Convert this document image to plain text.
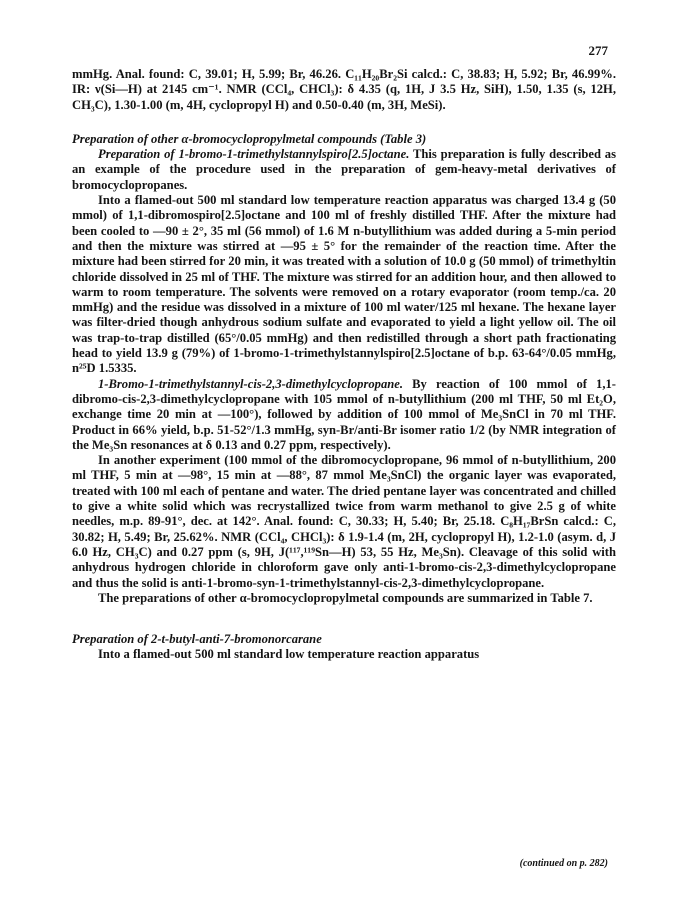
277

mmHg. Anal. found: C, 39.01; H, 5.99; Br, 46.26. C₁₁H₂₀Br₂Si calcd.: C, 38.83; H, 5.92; Br, 46.99%. IR: ν(Si—H) at 2145 cm⁻¹. NMR (CCl₄, CHCl₃): δ 4.35 (q, 1H, J 3.5 Hz, SiH), 1.50, 1.35 (s, 12H, CH₃C), 1.30-1.00 (m, 4H, cyclopropyl H) and 0.50-0.40 (m, 3H, MeSi).

Preparation of other α-bromocyclopropylmetal compounds (Table 3)

Preparation of 1-bromo-1-trimethylstannylspiro[2.5]octane. This preparation is fully described as an example of the procedure used in the preparation of gem-heavy-metal derivatives of bromocyclopropanes.

Into a flamed-out 500 ml standard low temperature reaction apparatus was charged 13.4 g (50 mmol) of 1,1-dibromospiro[2.5]octane and 100 ml of freshly distilled THF. After the mixture had been cooled to —90 ± 2°, 35 ml (56 mmol) of 1.6 M n-butyllithium was added during a 5-min period and then the mixture was stirred at —95 ± 5° for the remainder of the reaction time. After the mixture had been stirred for 20 min, it was treated with a solution of 10.0 g (50 mmol) of trimethyltin chloride dissolved in 25 ml of THF. The mixture was stirred for an addition hour, and then allowed to warm to room temperature. The solvents were removed on a rotary evaporator (room temp./ca. 20 mmHg) and the residue was dissolved in a mixture of 100 ml water/125 ml hexane. The hexane layer was filter-dried though anhydrous sodium sulfate and evaporated to yield a light yellow oil. The oil was trap-to-trap distilled (65°/0.05 mmHg) and then redistilled through a short path fractionating head to yield 13.9 g (79%) of 1-bromo-1-trimethylstannylspiro[2.5]octane of b.p. 63-64°/0.05 mmHg, n²⁵D 1.5335.

1-Bromo-1-trimethylstannyl-cis-2,3-dimethylcyclopropane. By reaction of 100 mmol of 1,1-dibromo-cis-2,3-dimethylcyclopropane with 105 mmol of n-butyllithium (200 ml THF, 50 ml Et₂O, exchange time 20 min at —100°), followed by addition of 100 mmol of Me₃SnCl in 70 ml THF. Product in 66% yield, b.p. 51-52°/1.3 mmHg, syn-Br/anti-Br isomer ratio 1/2 (by NMR integration of the Me₃Sn resonances at δ 0.13 and 0.27 ppm, respectively).

In another experiment (100 mmol of the dibromocyclopropane, 96 mmol of n-butyllithium, 200 ml THF, 5 min at —98°, 15 min at —88°, 87 mmol Me₃SnCl) the organic layer was evaporated, treated with 100 ml each of pentane and water. The dried pentane layer was concentrated and chilled to give a white solid which was recrystallized twice from warm methanol to give 2.5 g of white needles, m.p. 89-91°, dec. at 142°. Anal. found: C, 30.33; H, 5.40; Br, 25.18. C₈H₁₇BrSn calcd.: C, 30.82; H, 5.49; Br, 25.62%. NMR (CCl₄, CHCl₃): δ 1.9-1.4 (m, 2H, cyclopropyl H), 1.2-1.0 (asym. d, J 6.0 Hz, CH₃C) and 0.27 ppm (s, 9H, J(¹¹⁷,¹¹⁹Sn—H) 53, 55 Hz, Me₃Sn). Cleavage of this solid with anhydrous hydrogen chloride in chloroform gave only anti-1-bromo-cis-2,3-dimethylcyclopropane and thus the solid is anti-1-bromo-syn-1-trimethylstannyl-cis-2,3-dimethylcyclopropane.

The preparations of other α-bromocyclopropylmetal compounds are summarized in Table 7.

Preparation of 2-t-butyl-anti-7-bromonorcarane

Into a flamed-out 500 ml standard low temperature reaction apparatus

(continued on p. 282)
